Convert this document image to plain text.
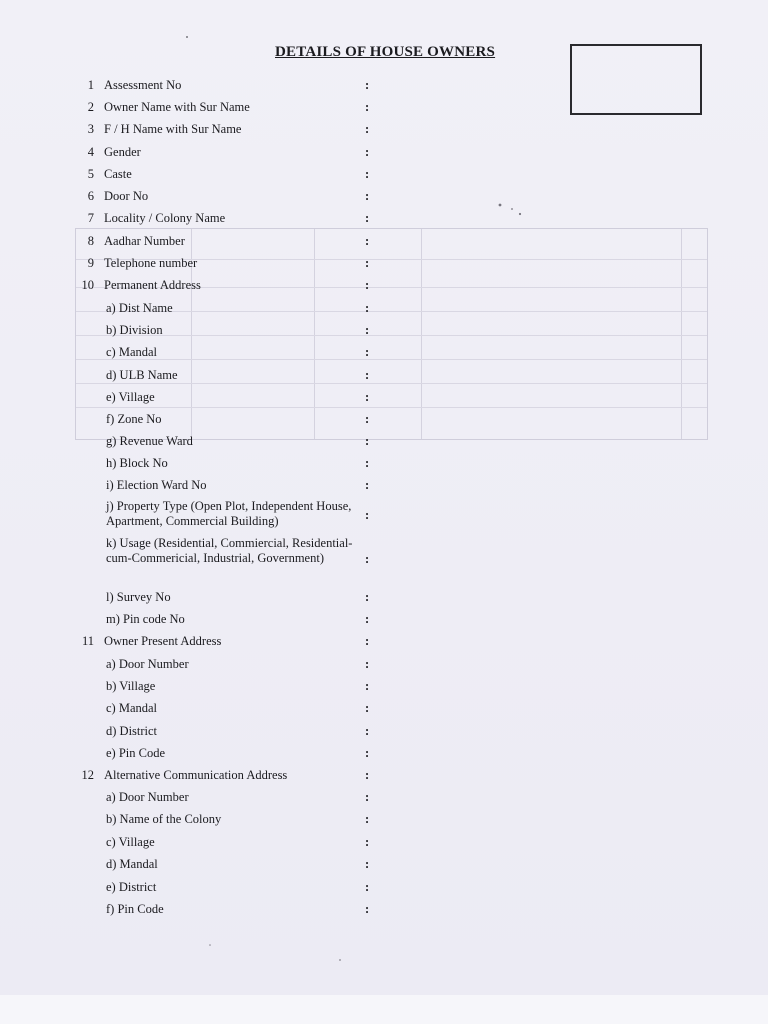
DETAILS OF HOUSE OWNERS
1 Assessment No	:
2 Owner Name with Sur Name	:
3 F / H Name with Sur Name	:
4 Gender	:
5 Caste	:
6 Door No	:
7 Locality / Colony Name	:
8 Aadhar Number	:
9 Telephone number	:
10 Permanent Address	:
a) Dist Name	:
b) Division	:
c) Mandal	:
d) ULB Name	:
e) Village	:
f) Zone No	:
g) Revenue Ward	:
h) Block No	:
i) Election Ward No	:
j) Property Type (Open Plot, Independent House, Apartment, Commercial Building)	:
k) Usage (Residential, Commiercial, Residential-cum-Commericial, Industrial, Government)	:
l) Survey No	:
m) Pin code No	:
11 Owner Present Address	:
a) Door Number	:
b) Village	:
c) Mandal	:
d) District	:
e) Pin Code	:
12 Alternative Communication Address	:
a) Door Number	:
b) Name of the Colony	:
c) Village	:
d) Mandal	:
e) District	:
f) Pin Code	:
